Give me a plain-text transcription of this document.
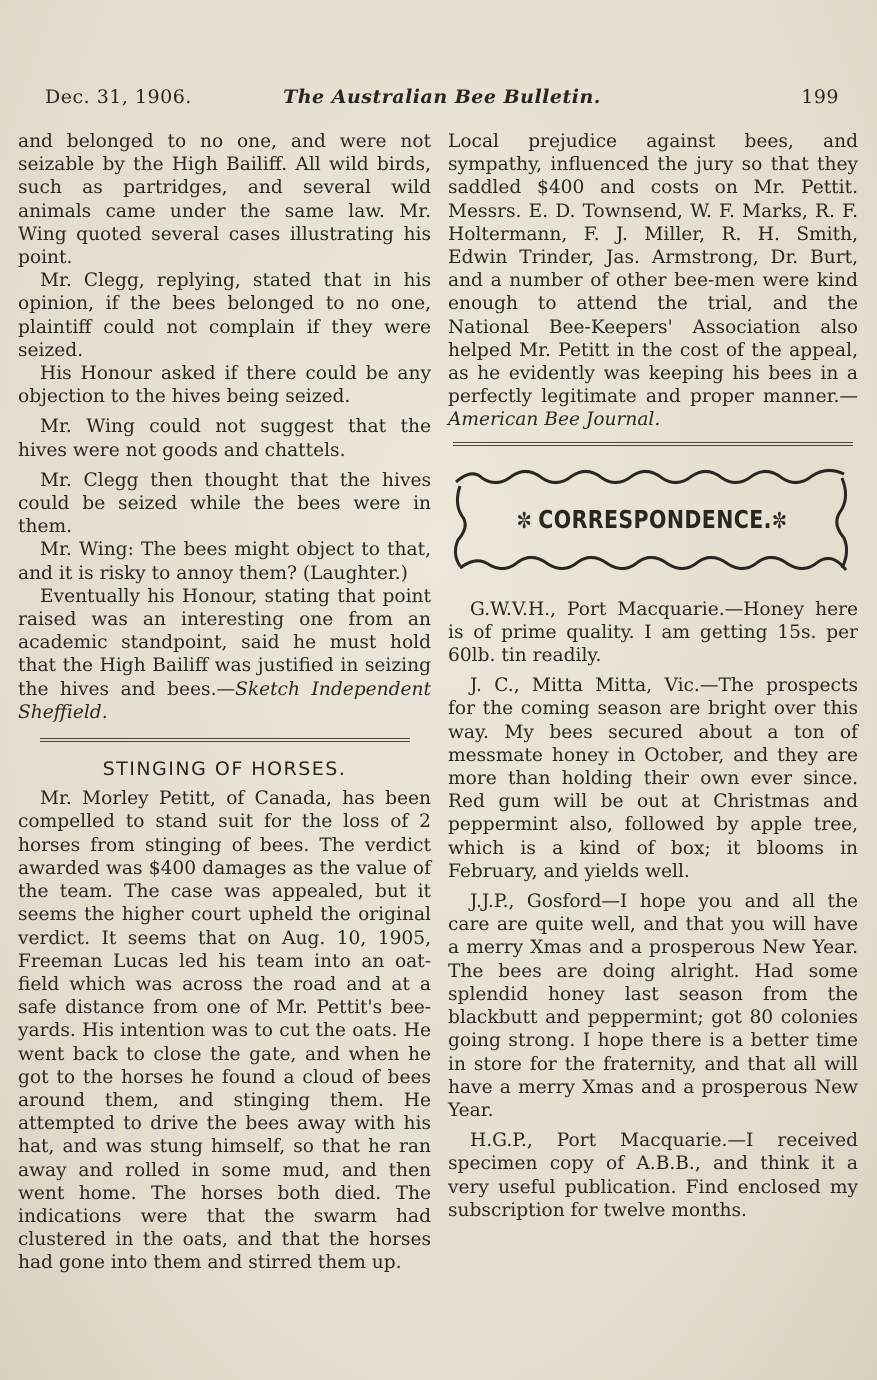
Dec. 31, 1906.	The Australian Bee Bulletin.	199

and belonged to no one, and were not seizable by the High Bailiff. All wild birds, such as partridges, and several wild animals came under the same law. Mr. Wing quoted several cases illustrating his point.

Mr. Clegg, replying, stated that in his opinion, if the bees belonged to no one, plaintiff could not complain if they were seized.

His Honour asked if there could be any objection to the hives being seized.

Mr. Wing could not suggest that the hives were not goods and chattels.

Mr. Clegg then thought that the hives could be seized while the bees were in them.

Mr. Wing: The bees might object to that, and it is risky to annoy them? (Laughter.)

Eventually his Honour, stating that point raised was an interesting one from an academic standpoint, said he must hold that the High Bailiff was justified in seizing the hives and bees.—Sketch Independent Sheffield.

STINGING OF HORSES.

Mr. Morley Petitt, of Canada, has been compelled to stand suit for the loss of 2 horses from stinging of bees. The verdict awarded was $400 damages as the value of the team. The case was appealed, but it seems the higher court upheld the original verdict. It seems that on Aug. 10, 1905, Freeman Lucas led his team into an oat-field which was across the road and at a safe distance from one of Mr. Pettit's bee-yards. His intention was to cut the oats. He went back to close the gate, and when he got to the horses he found a cloud of bees around them, and stinging them. He attempted to drive the bees away with his hat, and was stung himself, so that he ran away and rolled in some mud, and then went home. The horses both died. The indications were that the swarm had clustered in the oats, and that the horses had gone into them and stirred them up.

Local prejudice against bees, and sympathy, influenced the jury so that they saddled $400 and costs on Mr. Pettit. Messrs. E. D. Townsend, W. F. Marks, R. F. Holtermann, F. J. Miller, R. H. Smith, Edwin Trinder, Jas. Armstrong, Dr. Burt, and a number of other bee-men were kind enough to attend the trial, and the National Bee-Keepers' Association also helped Mr. Petitt in the cost of the appeal, as he evidently was keeping his bees in a perfectly legitimate and proper manner.—American Bee Journal.

✼ CORRESPONDENCE.✼

G.W.V.H., Port Macquarie.—Honey here is of prime quality. I am getting 15s. per 60lb. tin readily.

J. C., Mitta Mitta, Vic.—The prospects for the coming season are bright over this way. My bees secured about a ton of messmate honey in October, and they are more than holding their own ever since. Red gum will be out at Christmas and peppermint also, followed by apple tree, which is a kind of box; it blooms in February, and yields well.

J.J.P., Gosford—I hope you and all the care are quite well, and that you will have a merry Xmas and a prosperous New Year. The bees are doing alright. Had some splendid honey last season from the blackbutt and peppermint; got 80 colonies going strong. I hope there is a better time in store for the fraternity, and that all will have a merry Xmas and a prosperous New Year.

H.G.P., Port Macquarie.—I received specimen copy of A.B.B., and think it a very useful publication. Find enclosed my subscription for twelve months.
